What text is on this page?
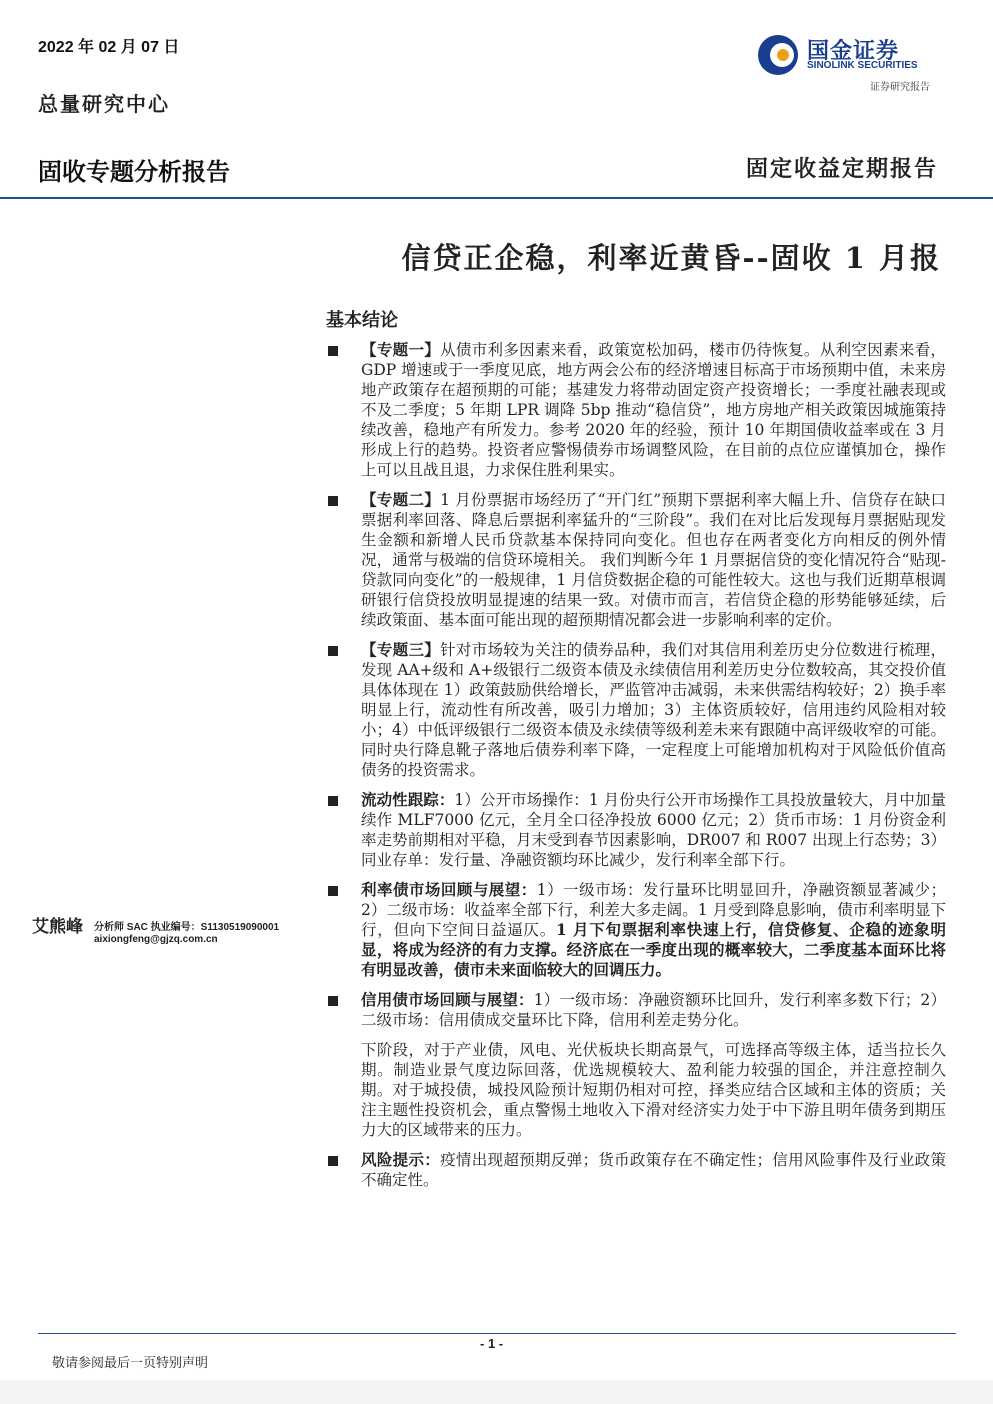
2022 年 02 月 07 日
总量研究中心
国金证券
SINOLINK SECURITIES
证券研究报告
固收专题分析报告	固定收益定期报告
信贷正企稳，利率近黄昏--固收 1 月报
基本结论
艾熊峰 分析师 SAC 执业编号：S1130519090001
aixiongfeng@gjzq.com.cn
【专题一】从债市利多因素来看，政策宽松加码，楼市仍待恢复。从利空因素来看，GDP 增速或于一季度见底，地方两会公布的经济增速目标高于市场预期中值，未来房地产政策存在超预期的可能；基建发力将带动固定资产投资增长；一季度社融表现或不及二季度；5 年期 LPR 调降 5bp 推动“稳信贷”，地方房地产相关政策因城施策持续改善，稳地产有所发力。参考 2020 年的经验，预计 10 年期国债收益率或在 3 月形成上行的趋势。投资者应警惕债券市场调整风险，在目前的点位应谨慎加仓，操作上可以且战且退，力求保住胜利果实。
【专题二】1 月份票据市场经历了“开门红”预期下票据利率大幅上升、信贷存在缺口票据利率回落、降息后票据利率猛升的“三阶段”。我们在对比后发现每月票据贴现发生金额和新增人民币贷款基本保持同向变化。但也存在两者变化方向相反的例外情况，通常与极端的信贷环境相关。 我们判断今年 1 月票据信贷的变化情况符合“贴现-贷款同向变化”的一般规律，1 月信贷数据企稳的可能性较大。这也与我们近期草根调研银行信贷投放明显提速的结果一致。对债市而言，若信贷企稳的形势能够延续，后续政策面、基本面可能出现的超预期情况都会进一步影响利率的定价。
【专题三】针对市场较为关注的债券品种，我们对其信用利差历史分位数进行梳理，发现 AA+级和 A+级银行二级资本债及永续债信用利差历史分位数较高，其交投价值具体体现在 1）政策鼓励供给增长，严监管冲击减弱，未来供需结构较好；2）换手率明显上行，流动性有所改善，吸引力增加；3）主体资质较好，信用违约风险相对较小；4）中低评级银行二级资本债及永续债等级利差未来有跟随中高评级收窄的可能。同时央行降息靴子落地后债券利率下降，一定程度上可能增加机构对于风险低价值高债务的投资需求。
流动性跟踪：1）公开市场操作：1 月份央行公开市场操作工具投放量较大，月中加量续作 MLF7000 亿元，全月全口径净投放 6000 亿元；2）货币市场：1 月份资金利率走势前期相对平稳，月末受到春节因素影响，DR007 和 R007 出现上行态势；3）同业存单：发行量、净融资额均环比减少，发行利率全部下行。
利率债市场回顾与展望：1）一级市场：发行量环比明显回升，净融资额显著减少；2）二级市场：收益率全部下行，利差大多走阔。1 月受到降息影响，债市利率明显下行，但向下空间日益逼仄。1 月下旬票据利率快速上行，信贷修复、企稳的迹象明显，将成为经济的有力支撑。经济底在一季度出现的概率较大，二季度基本面环比将有明显改善，债市未来面临较大的回调压力。
信用债市场回顾与展望：1）一级市场：净融资额环比回升，发行利率多数下行；2）二级市场：信用债成交量环比下降，信用利差走势分化。
下阶段，对于产业债，风电、光伏板块长期高景气，可选择高等级主体，适当拉长久期。制造业景气度边际回落，优选规模较大、盈利能力较强的国企，并注意控制久期。对于城投债，城投风险预计短期仍相对可控，择类应结合区域和主体的资质；关注主题性投资机会，重点警惕土地收入下滑对经济实力处于中下游且明年债务到期压力大的区域带来的压力。
风险提示：疫情出现超预期反弹；货币政策存在不确定性；信用风险事件及行业政策不确定性。
- 1 -
敬请参阅最后一页特别声明
